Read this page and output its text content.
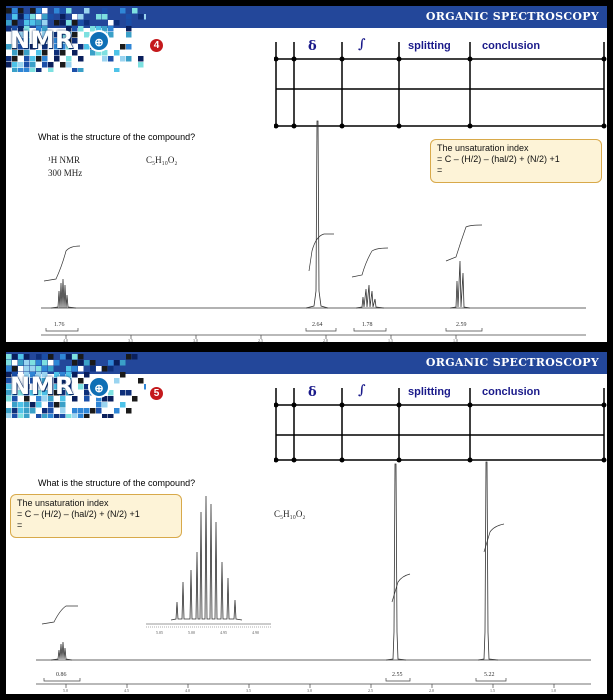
ORGANIC SPECTROSCOPY
NMR	⊕	4	δ	∫	splitting	conclusion
What is the structure of the compound?
¹H NMR
300 MHz
C₅H₁₀O₂
The unsaturation index
= C – (H/2) – (hal/2) + (N/2) +1
=
1.76	2.64	1.78	2.59
4.0	3.5	3.0	2.5	2.0	1.5	1.0
ORGANIC SPECTROSCOPY
NMR	⊕	5	δ	∫	splitting	conclusion
What is the structure of the compound?
The unsaturation index
= C – (H/2) – (hal/2) + (N/2) +1
=
C₅H₁₀O₂
0.86	2.55	5.22
5.05	5.00	4.95	4.90
5.0	4.5	4.0	3.5	3.0	2.5	2.0	1.5	1.0
